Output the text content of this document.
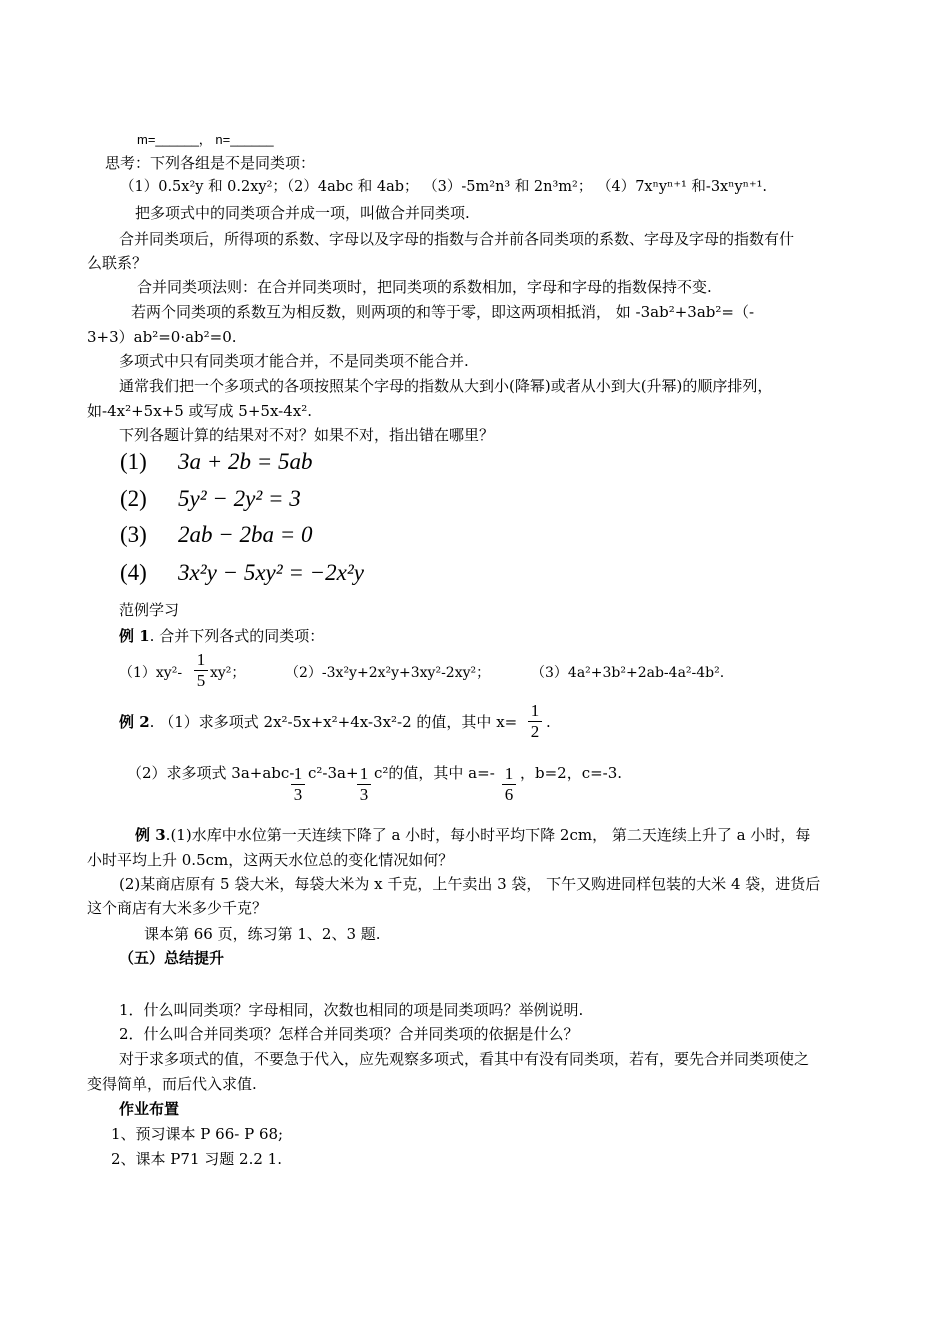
m=______， n=______
思考：下列各组是不是同类项：
（1）0.5x²y 和 0.2xy²；（2）4abc 和 4ab； （3）-5m²n³ 和 2n³m²； （4）7xⁿyⁿ⁺¹ 和-3xⁿyⁿ⁺¹.
把多项式中的同类项合并成一项，叫做合并同类项.
合并同类项后，所得项的系数、字母以及字母的指数与合并前各同类项的系数、字母及字母的指数有什
么联系？
合并同类项法则：在合并同类项时，把同类项的系数相加，字母和字母的指数保持不变.
若两个同类项的系数互为相反数，则两项的和等于零，即这两项相抵消， 如 -3ab²+3ab²=（-
3+3）ab²=0·ab²=0.
多项式中只有同类项才能合并，不是同类项不能合并.
通常我们把一个多项式的各项按照某个字母的指数从大到小(降幂)或者从小到大(升幂)的顺序排列，
如-4x²+5x+5 或写成 5+5x-4x².
下列各题计算的结果对不对？如果不对，指出错在哪里？
(1) 3a + 2b = 5ab
(2) 5y² − 2y² = 3
(3) 2ab − 2ba = 0
(4) 3x²y − 5xy² = −2x²y
范例学习
例 1. 合并下列各式的同类项：
$(1)xy^2- \frac{1}{5} xy^2$；	（2）-3x²y+2x²y+3xy²-2xy²；	（3）4a²+3b²+2ab-4a²-4b².
例 2. （1）求多项式 2x²-5x+x²+4x-3x²-2 的值，其中 $x= \frac{1}{2}$ .
（2）求多项式 3a+abc-
$\frac{1}{3} c^2-3a+$
$\frac{1}{3} c^2$的值，其中 $a=- \frac{1}{6}$ ，b=2，c=-3.
例 3.(1)水库中水位第一天连续下降了 a 小时，每小时平均下降 2cm， 第二天连续上升了 a 小时，每
小时平均上升 0.5cm，这两天水位总的变化情况如何？
(2)某商店原有 5 袋大米，每袋大米为 x 千克，上午卖出 3 袋， 下午又购进同样包装的大米 4 袋，进货后
这个商店有大米多少千克？
课本第 66 页，练习第 1、2、3 题.
（五）总结提升
1．什么叫同类项？字母相同，次数也相同的项是同类项吗？举例说明.
2．什么叫合并同类项？怎样合并同类项？合并同类项的依据是什么？
对于求多项式的值，不要急于代入，应先观察多项式，看其中有没有同类项，若有，要先合并同类项使之
变得简单，而后代入求值.
作业布置
1、预习课本 P 66- P 68;
2、课本 P71 习题 2.2 1.
